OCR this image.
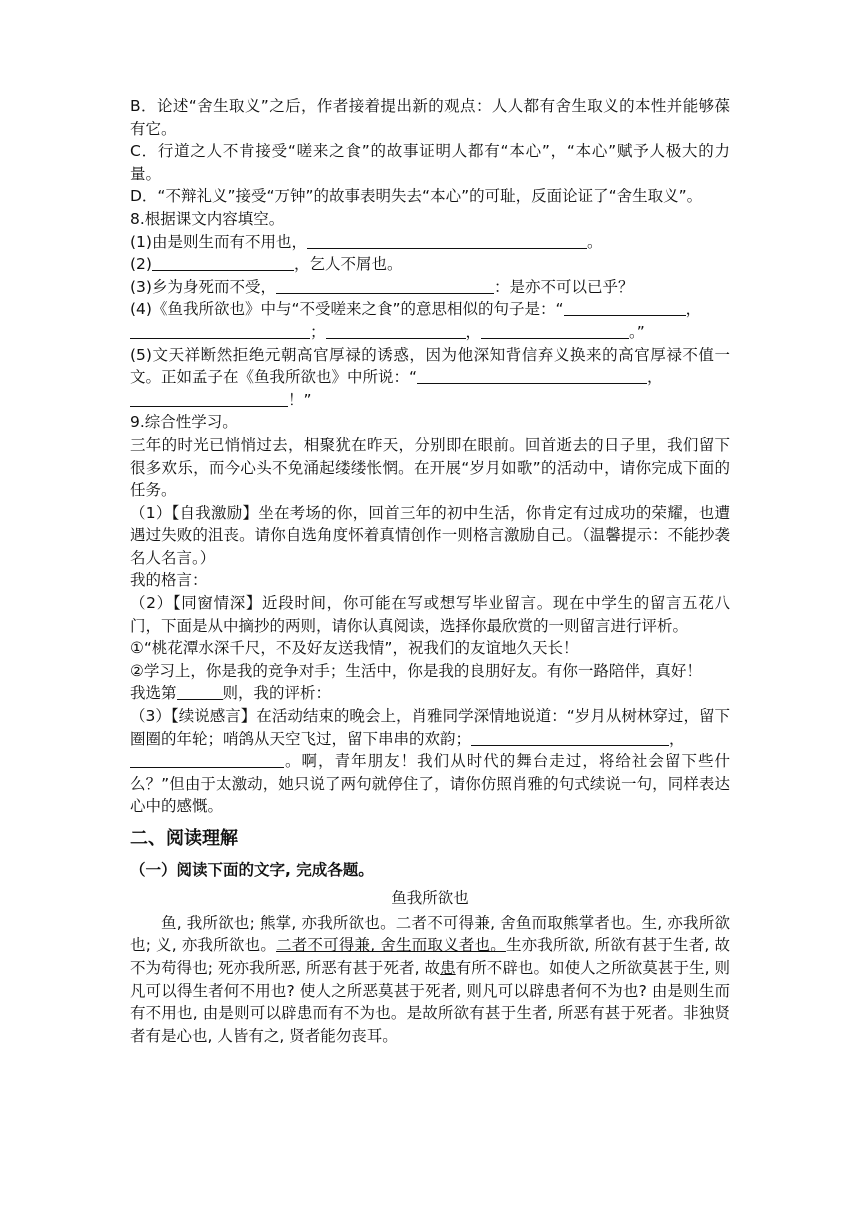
B．论述“舍生取义”之后，作者接着提出新的观点：人人都有舍生取义的本性并能够葆有它。

C．行道之人不肯接受“嗟来之食”的故事证明人都有“本心”，“本心”赋予人极大的力量。

D．“不辩礼义”接受“万钟”的故事表明失去“本心”的可耻，反面论证了“舍生取义”。

8.根据课文内容填空。

(1)由是则生而有不用也，	。

(2)	，乞人不屑也。

(3)乡为身死而不受，	：是亦不可以已乎？

(4)《鱼我所欲也》中与“不受嗟来之食”的意思相似的句子是：“	，
；	，	。”

(5)文天祥断然拒绝元朝高官厚禄的诱惑，因为他深知背信弃义换来的高官厚禄不值一文。正如孟子在《鱼我所欲也》中所说：“	，
！”

9.综合性学习。

三年的时光已悄悄过去，相聚犹在昨天，分别即在眼前。回首逝去的日子里，我们留下很多欢乐，而今心头不免涌起缕缕怅惘。在开展“岁月如歌”的活动中，请你完成下面的任务。

（1）【自我激励】坐在考场的你，回首三年的初中生活，你肯定有过成功的荣耀，也遭遇过失败的沮丧。请你自选角度怀着真情创作一则格言激励自己。（温馨提示：不能抄袭名人名言。）

我的格言：

（2）【同窗情深】近段时间，你可能在写或想写毕业留言。现在中学生的留言五花八门，下面是从中摘抄的两则，请你认真阅读，选择你最欣赏的一则留言进行评析。

①“桃花潭水深千尺，不及好友送我情”，祝我们的友谊地久天长！

②学习上，你是我的竞争对手；生活中，你是我的良朋好友。有你一路陪伴，真好！

我选第	则，我的评析：

（3）【续说感言】在活动结束的晚会上，肖雅同学深情地说道：“岁月从树林穿过，留下圈圈的年轮；哨鸽从天空飞过，留下串串的欢韵；	，
。啊，青年朋友！我们从时代的舞台走过，将给社会留下些什么？”但由于太激动，她只说了两句就停住了，请你仿照肖雅的句式续说一句，同样表达心中的感慨。

二、阅读理解
（一）阅读下面的文字, 完成各题。
鱼我所欲也

鱼, 我所欲也; 熊掌, 亦我所欲也。二者不可得兼, 舍鱼而取熊掌者也。生, 亦我所欲也; 义, 亦我所欲也。二者不可得兼, 舍生而取义者也。生亦我所欲, 所欲有甚于生者, 故不为苟得也; 死亦我所恶, 所恶有甚于死者, 故患有所不辟也。如使人之所欲莫甚于生, 则凡可以得生者何不用也? 使人之所恶莫甚于死者, 则凡可以辟患者何不为也? 由是则生而有不用也, 由是则可以辟患而有不为也。是故所欲有甚于生者, 所恶有甚于死者。非独贤者有是心也, 人皆有之, 贤者能勿丧耳。
